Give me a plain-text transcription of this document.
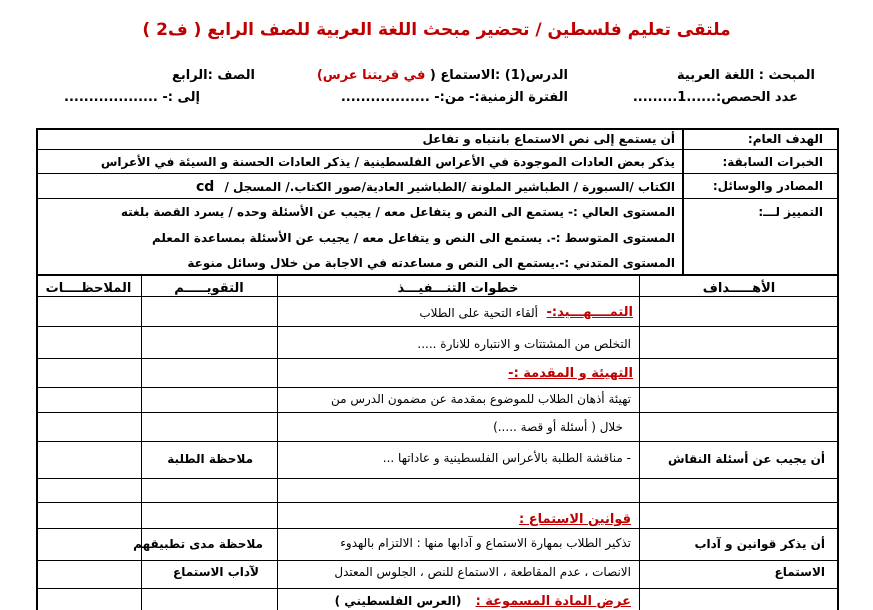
ملتقى تعليم فلسطين / تحضير مبحث اللغة العربية للصف الرابع ( ف2 )
المبحث : اللغة العربية
الدرس(1) :الاستماع ( في قريتنا عرس)
الصف :الرابع
عدد الحصص:......1.........
الفترة الزمنية:- من:- ..................
إلى :- ...................
الهدف العام:
الخبرات السابقة:
المصادر والوسائل:
التمييز لـــ:
أن يستمع إلى نص الاستماع بانتباه و تفاعل
يذكر بعض العادات الموجودة في الأعراس الفلسطينية / يذكر العادات الحسنة و السيئة في الأعراس
الكتاب /السبورة / الطباشير الملونة /الطباشير العادية/صور الكتاب./ المسجل / cd
المستوى العالي :- يستمع الى النص و يتفاعل معه / يجيب عن الأسئلة وحده / يسرد القصة بلغته
المستوى المتوسط :-. يستمع الى النص و يتفاعل معه / يجيب عن الأسئلة بمساعدة المعلم
المستوى المتدني :-.يستمع الى النص و مساعدته في الاجابة من خلال وسائل منوعة
الأهـــــداف
خطوات التنـــفيـــذ
التقويـــــم
الملاحظــــات
التمــــهـــيد:-
ألقاء التحية على الطلاب
التخلص من المشتتات و الانتباره للانارة .....
التهيئة و المقدمة :-
تهيئة أذهان الطلاب للموضوع بمقدمة عن مضمون الدرس من
خلال ( أسئلة أو قصة .....)
- مناقشة الطلبة بالأعراس الفلسطينية و عاداتها ...
قوانين الاستماع :
تذكير الطلاب بمهارة الاستماع و آدابها منها : الالتزام بالهدوء
الانصات ، عدم المقاطعة ، الاستماع للنص ، الجلوس المعتدل
عرض المادة المسموعة : (العرس الفلسطيني )
أن يجيب عن أسئلة النقاش
أن يذكر قوانين و آداب
الاستماع
ملاحظة الطلبة
ملاحظة مدى تطبيقهم
لآداب الاستماع
